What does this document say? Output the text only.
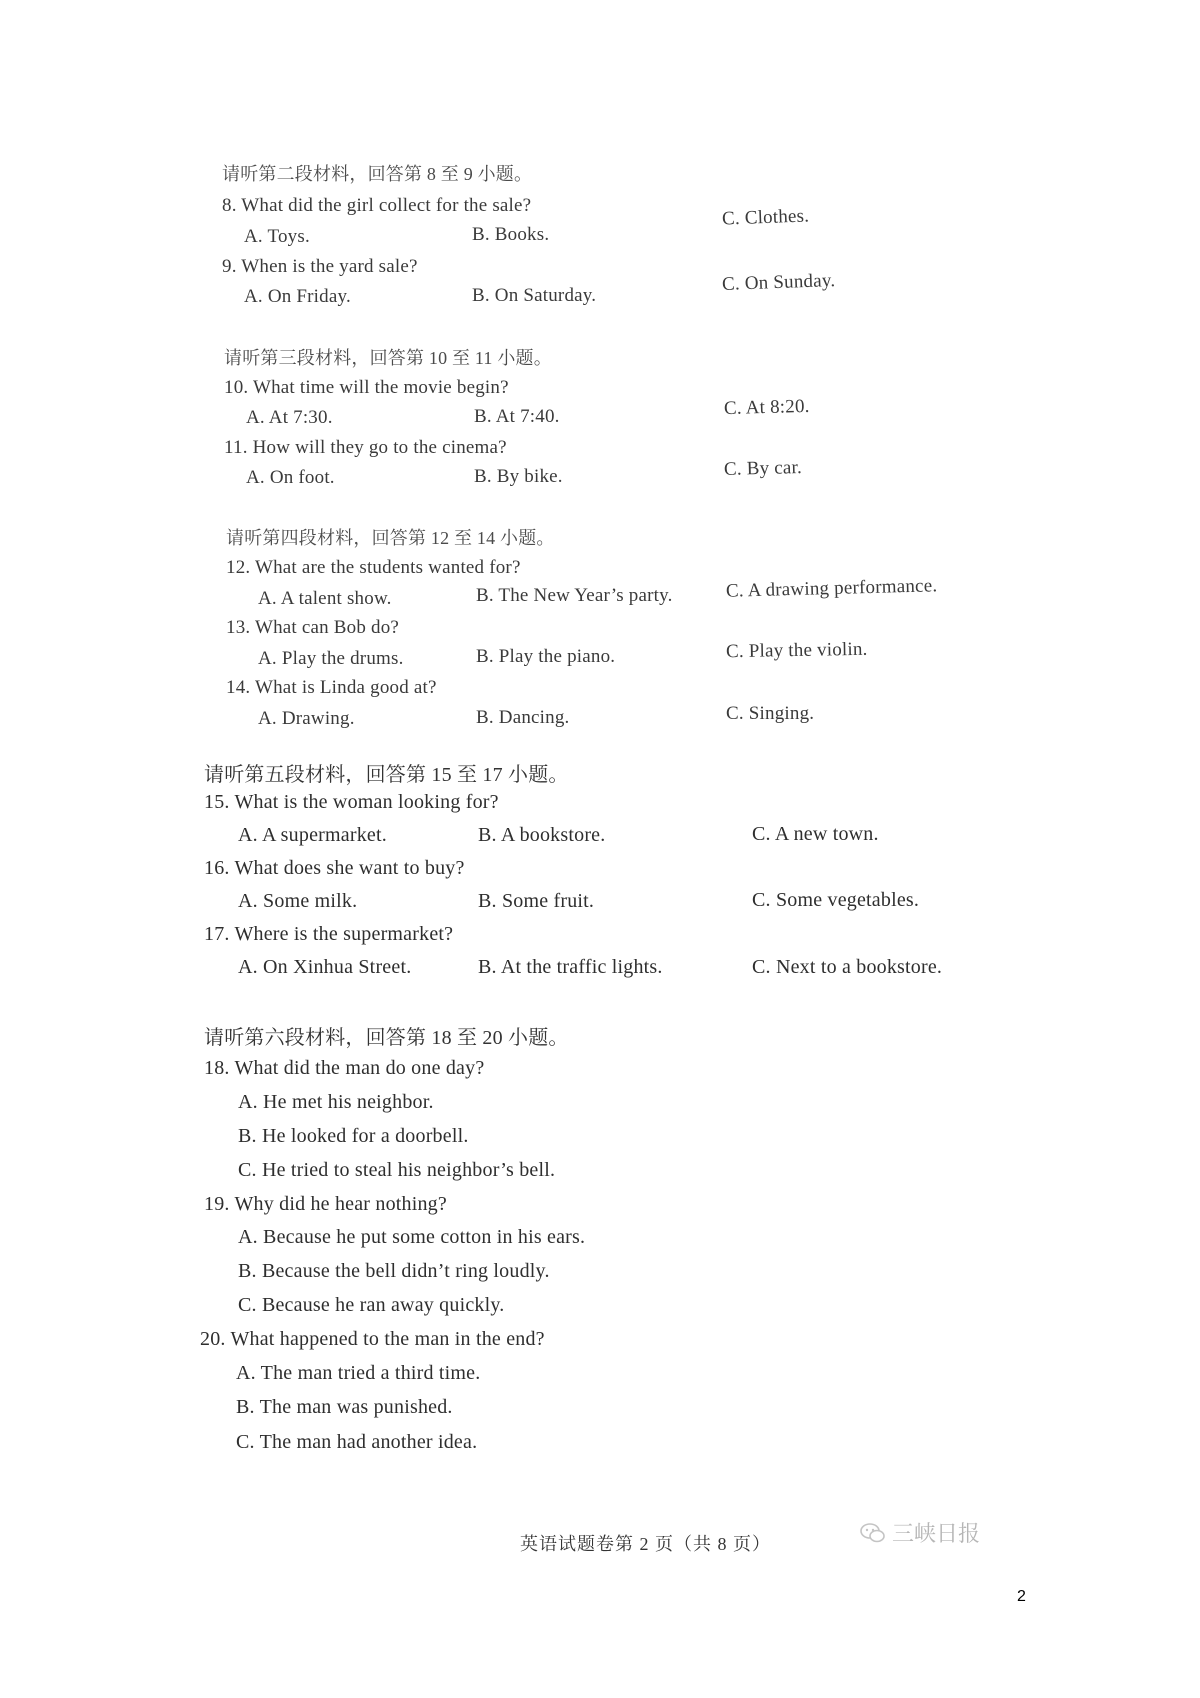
请听第二段材料，回答第 8 至 9 小题。
8. What did the girl collect for the sale?
A. Toys.	B. Books.
C. Clothes.
9. When is the yard sale?
A. On Friday.	B. On Saturday.
C. On Sunday.
请听第三段材料，回答第 10 至 11 小题。
10. What time will the movie begin?
A. At 7:30.	B. At 7:40.	C. At 8:20.
11. How will they go to the cinema?
A. On foot.	B. By bike.	C. By car.
请听第四段材料，回答第 12 至 14 小题。
12. What are the students wanted for?
A. A talent show.	B. The New Year’s party.	C. A drawing performance.
13. What can Bob do?
A. Play the drums.	B. Play the piano.	C. Play the violin.
14. What is Linda good at?
A. Drawing.	B. Dancing.	C. Singing.
请听第五段材料，回答第 15 至 17 小题。
15. What is the woman looking for?
A. A supermarket.	B. A bookstore.	C. A new town.
16. What does she want to buy?
A. Some milk.	B. Some fruit.	C. Some vegetables.
17. Where is the supermarket?
A. On Xinhua Street.	B. At the traffic lights.	C. Next to a bookstore.
请听第六段材料，回答第 18 至 20 小题。
18. What did the man do one day?
A. He met his neighbor.
B. He looked for a doorbell.
C. He tried to steal his neighbor’s bell.
19. Why did he hear nothing?
A. Because he put some cotton in his ears.
B. Because the bell didn’t ring loudly.
C. Because he ran away quickly.
20. What happened to the man in the end?
A. The man tried a third time.
B. The man was punished.
C. The man had another idea.
英语试题卷第 2 页（共 8 页）	三峡日报
2
